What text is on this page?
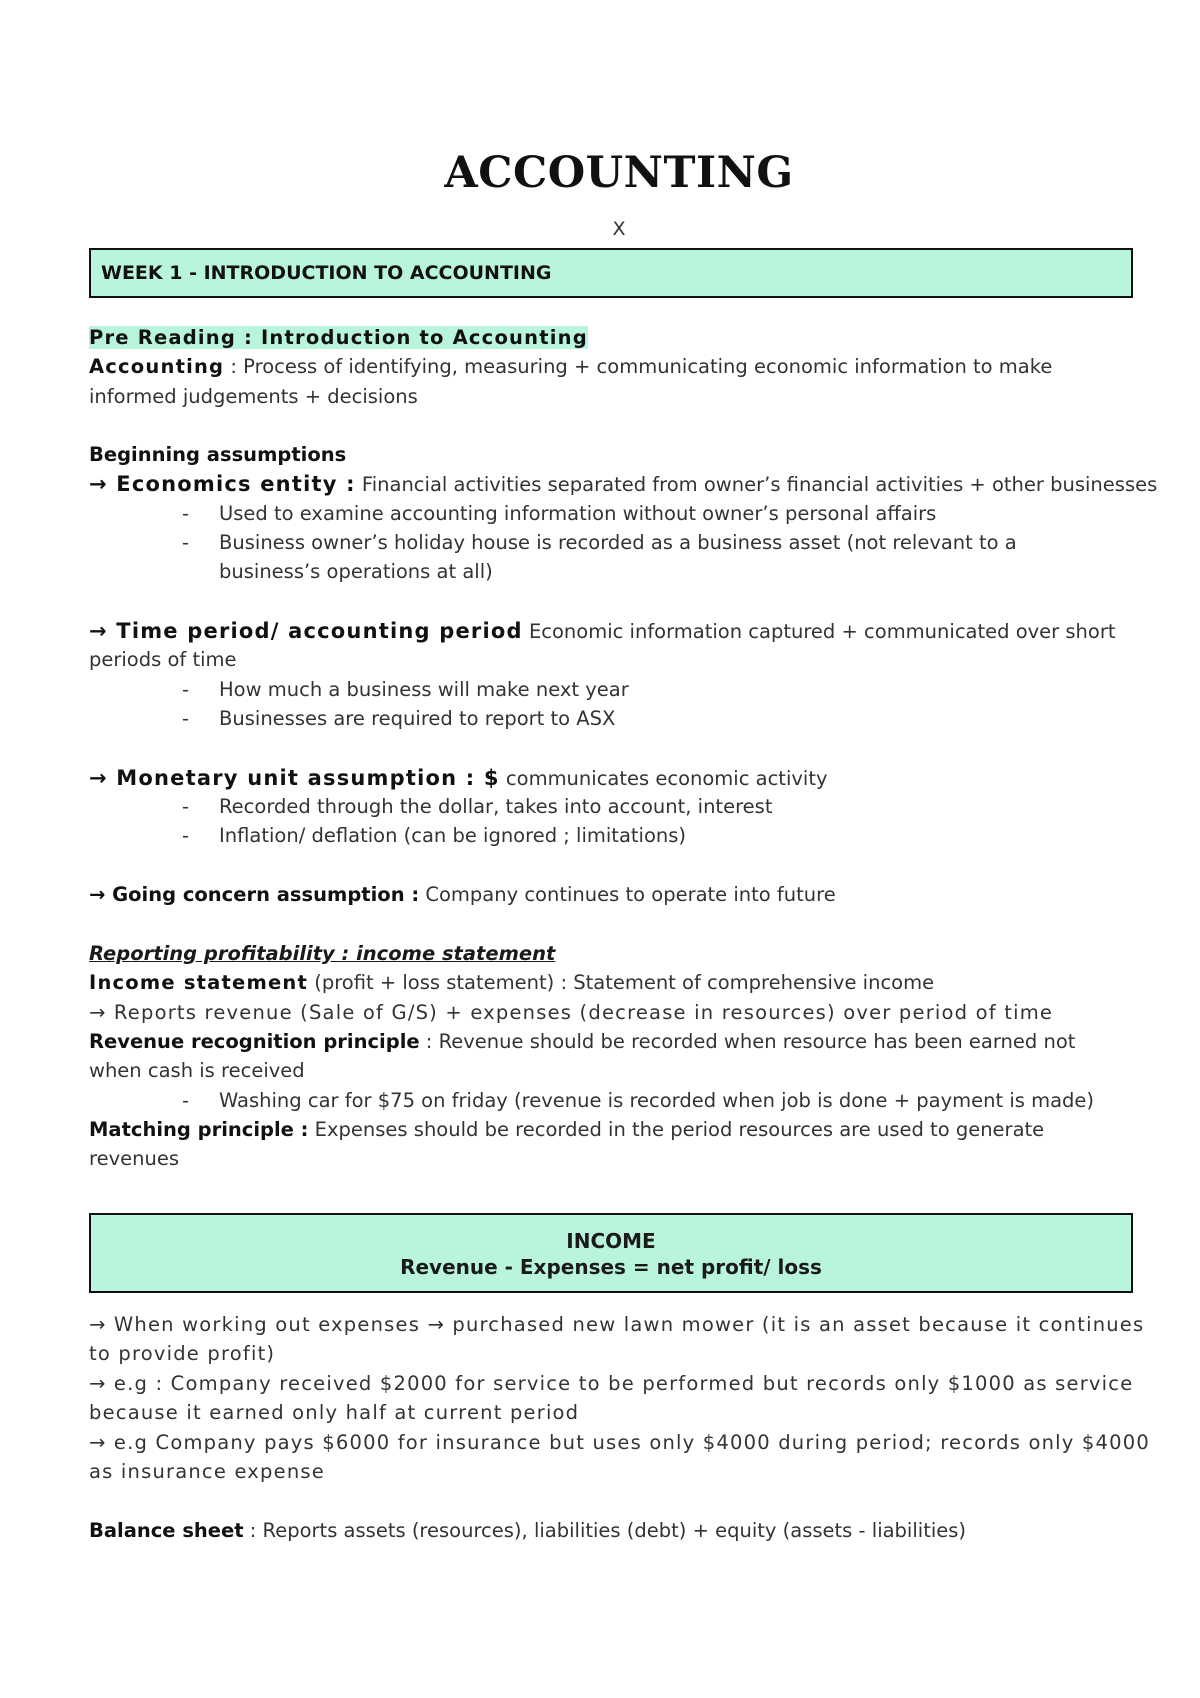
ACCOUNTING
X
WEEK 1 - INTRODUCTION TO ACCOUNTING
Pre Reading : Introduction to Accounting
Accounting : Process of identifying, measuring + communicating economic information to make
informed judgements + decisions
Beginning assumptions
→ Economics entity : Financial activities separated from owner’s financial activities + other businesses
- Used to examine accounting information without owner’s personal affairs
- Business owner’s holiday house is recorded as a business asset (not relevant to a
business’s operations at all)
→ Time period/ accounting period Economic information captured + communicated over short
periods of time
- How much a business will make next year
- Businesses are required to report to ASX
→ Monetary unit assumption : $ communicates economic activity
- Recorded through the dollar, takes into account, interest
- Inflation/ deflation (can be ignored ; limitations)
→ Going concern assumption : Company continues to operate into future
Reporting profitability : income statement
Income statement (profit + loss statement) : Statement of comprehensive income
→ Reports revenue (Sale of G/S) + expenses (decrease in resources) over period of time
Revenue recognition principle : Revenue should be recorded when resource has been earned not
when cash is received
- Washing car for $75 on friday (revenue is recorded when job is done + payment is made)
Matching principle : Expenses should be recorded in the period resources are used to generate
revenues
INCOME
Revenue - Expenses = net profit/ loss
→ When working out expenses → purchased new lawn mower (it is an asset because it continues
to provide profit)
→ e.g : Company received $2000 for service to be performed but records only $1000 as service
because it earned only half at current period
→ e.g Company pays $6000 for insurance but uses only $4000 during period; records only $4000
as insurance expense
Balance sheet : Reports assets (resources), liabilities (debt) + equity (assets - liabilities)
